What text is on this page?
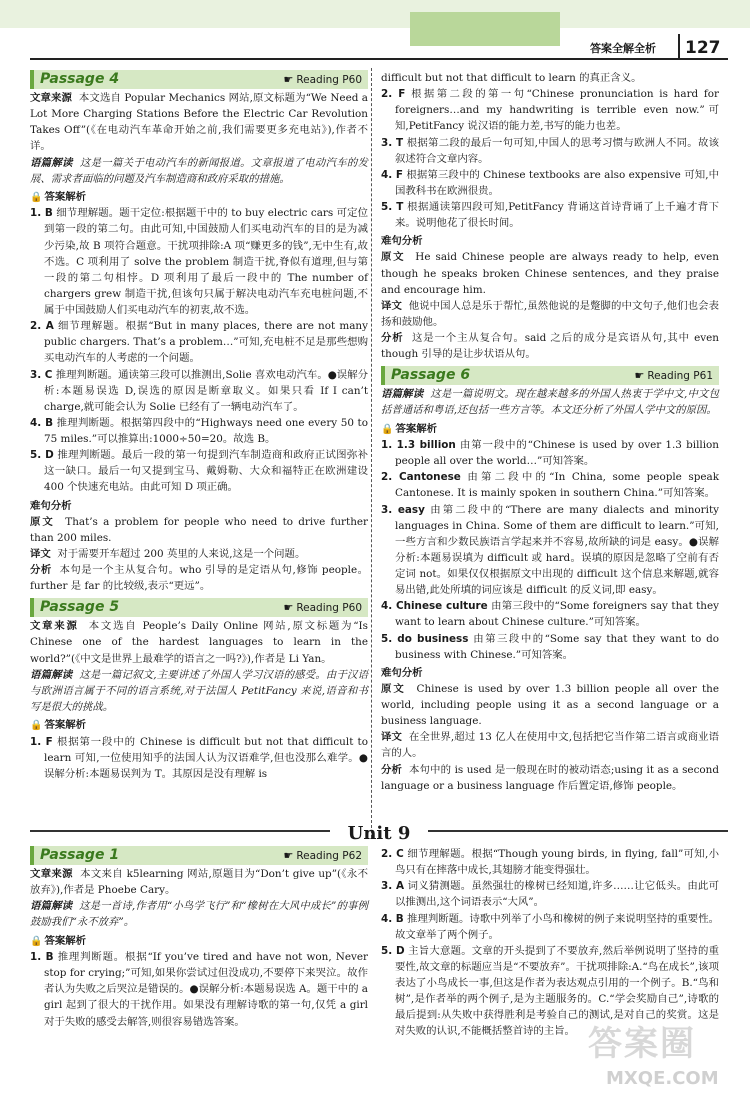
答案全解全析 127
Passage 4	☛ Reading P60

文章来源 本文选自 Popular Mechanics 网站,原文标题为“We Need a Lot More Charging Stations Before the Electric Car Revolution Takes Off”(《在电动汽车革命开始之前,我们需要更多充电站》),作者不详。

语篇解读 这是一篇关于电动汽车的新闻报道。文章报道了电动汽车的发展、需求者面临的问题及汽车制造商和政府采取的措施。

🔒 答案解析
1. B 细节理解题。题干定位:根据题干中的 to buy electric cars 可定位到第一段的第二句。由此可知,中国鼓励人们买电动汽车的目的是为减少污染,故 B 项符合题意。干扰项排除:A 项“赚更多的钱”,无中生有,故不选。C 项利用了 solve the problem 制造干扰,脊似有道理,但与第一段的第二句相悖。D 项利用了最后一段中的 The number of chargers grew 制造干扰,但该句只属于解决电动汽车充电桩问题,不属于中国鼓励人们买电动汽车的初衷,故不选。
2. A 细节理解题。根据“But in many places, there are not many public chargers. That’s a problem…”可知,充电桩不足是那些想购买电动汽车的人考虑的一个问题。
3. C 推理判断题。通读第三段可以推测出,Solie 喜欢电动汽车。●误解分析:本题易误选 D,误选的原因是断章取义。如果只看 If I can’t charge,就可能会认为 Solie 已经有了一辆电动汽车了。
4. B 推理判断题。根据第四段中的“Highways need one every 50 to 75 miles.”可以推算出:1000÷50=20。故选 B。
5. D 推理判断题。最后一段的第一句提到汽车制造商和政府正试图弥补这一缺口。最后一句又提到宝马、戴姆勒、大众和福特正在欧洲建设 400 个快速充电站。由此可知 D 项正确。
难句分析

原文 That’s a problem for people who need to drive further than 200 miles.

译文 对于需要开车超过 200 英里的人来说,这是一个问题。

分析 本句是一个主从复合句。who 引导的是定语从句,修饰 people。further 是 far 的比较级,表示“更远”。

Passage 5	☛ Reading P60

文章来源 本文选自 People’s Daily Online 网站,原文标题为“Is Chinese one of the hardest languages to learn in the world?”(《中文是世界上最难学的语言之一吗?》),作者是 Li Yan。

语篇解读 这是一篇记叙文,主要讲述了外国人学习汉语的感受。由于汉语与欧洲语言属于不同的语言系统,对于法国人 PetitFancy 来说,语音和书写是很大的挑战。

🔒 答案解析
1. F 根据第一段中的 Chinese is difficult but not that difficult to learn 可知,一位使用知乎的法国人认为汉语难学,但也没那么难学。●误解分析:本题易误判为 T。其原因是没有理解 is

difficult but not that difficult to learn 的真正含义。

2. F 根据第二段的第一句“Chinese pronunciation is hard for foreigners…and my handwriting is terrible even now.”可知,PetitFancy 说汉语的能力差,书写的能力也差。
3. T 根据第二段的最后一句可知,中国人的思考习惯与欧洲人不同。故该叙述符合文章内容。
4. F 根据第三段中的 Chinese textbooks are also expensive 可知,中国教科书在欧洲很贵。
5. T 根据通读第四段可知,PetitFancy 背诵这首诗背诵了上千遍才背下来。说明他花了很长时间。
难句分析

原文 He said Chinese people are always ready to help, even though he speaks broken Chinese sentences, and they praise and encourage him.

译文 他说中国人总是乐于帮忙,虽然他说的是蹩脚的中文句子,他们也会表扬和鼓励他。

分析 这是一个主从复合句。said 之后的成分是宾语从句,其中 even though 引导的是让步状语从句。

Passage 6	☛ Reading P61

语篇解读 这是一篇说明文。现在越来越多的外国人热衷于学中文,中文包括普通话和粤语,还包括一些方言等。本文还分析了外国人学中文的原因。

🔒 答案解析
1. 1.3 billion 由第一段中的“Chinese is used by over 1.3 billion people all over the world…”可知答案。
2. Cantonese 由第二段中的“In China, some people speak Cantonese. It is mainly spoken in southern China.”可知答案。
3. easy 由第二段中的“There are many dialects and minority languages in China. Some of them are difficult to learn.”可知,一些方言和少数民族语言学起来并不容易,故所缺的词是 easy。●误解分析:本题易误填为 difficult 或 hard。误填的原因是忽略了空前有否定词 not。如果仅仅根据原文中出现的 difficult 这个信息来解题,就容易出错,此处所填的词应该是 difficult 的反义词,即 easy。
4. Chinese culture 由第三段中的“Some foreigners say that they want to learn about Chinese culture.”可知答案。
5. do business 由第三段中的“Some say that they want to do business with Chinese.”可知答案。
难句分析

原文 Chinese is used by over 1.3 billion people all over the world, including people using it as a second language or a business language.

译文 在全世界,超过 13 亿人在使用中文,包括把它当作第二语言或商业语言的人。

分析 本句中的 is used 是一般现在时的被动语态;using it as a second language or a business language 作后置定语,修饰 people。

Unit 9
Passage 1	☛ Reading P62

文章来源 本文来自 k5learning 网站,原题目为“Don’t give up”(《永不放弃》),作者是 Phoebe Cary。

语篇解读 这是一首诗,作者用“小鸟学飞行”和“橡树在大风中成长”的事例鼓励我们“永不放弃”。

🔒 答案解析
1. B 推理判断题。根据“If you’ve tired and have not won, Never stop for crying;”可知,如果你尝试过但没成功,不要停下来哭泣。故作者认为失败之后哭泣是错误的。●误解分析:本题易误选 A。题干中的 a girl 起到了很大的干扰作用。如果没有理解诗歌的第一句,仅凭 a girl 对于失败的感受去解答,则很容易错选答案。
2. C 细节理解题。根据“Though young birds, in flying, fall”可知,小鸟只有在摔落中成长,其翅膀才能变得强壮。
3. A 词义猜测题。虽然强壮的橡树已经知道,许多……让它低头。由此可以推测出,这个词语表示“大风”。
4. B 推理判断题。诗歌中列举了小鸟和橡树的例子来说明坚持的重要性。故文章举了两个例子。
5. D 主旨大意题。文章的开头提到了不要放弃,然后举例说明了坚持的重要性,故文章的标题应当是“不要放弃”。干扰项排除:A.“鸟在成长”,该项表达了小鸟成长一事,但这是作者为表达观点引用的一个例子。B.“鸟和树”,是作者举的两个例子,是为主题服务的。C.“学会奖励自己”,诗歌的最后提到:从失败中获得胜利是考验自己的测试,是对自己的奖赏。这是对失败的认识,不能概括整首诗的主旨。 答案圈
MXQE.COM
